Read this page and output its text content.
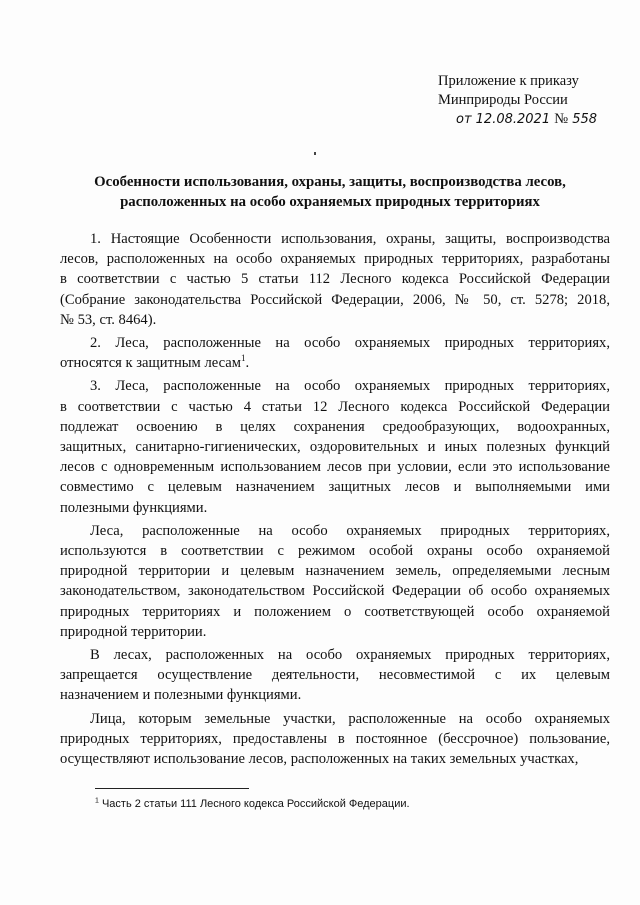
Приложение к приказу
Минприроды России
от 12.08.2021 № 558
Особенности использования, охраны, защиты, воспроизводства лесов,
расположенных на особо охраняемых природных территориях
1. Настоящие Особенности использования, охраны, защиты, воспроизводства
лесов, расположенных на особо охраняемых природных территориях, разработаны
в соответствии с частью 5 статьи 112 Лесного кодекса Российской Федерации
(Собрание законодательства Российской Федерации, 2006, № 50, ст. 5278; 2018,
№ 53, ст. 8464).
2. Леса, расположенные на особо охраняемых природных территориях,
относятся к защитным лесам$^1$.
3. Леса, расположенные на особо охраняемых природных территориях,
в соответствии с частью 4 статьи 12 Лесного кодекса Российской Федерации
подлежат освоению в целях сохранения средообразующих, водоохранных,
защитных, санитарно-гигиенических, оздоровительных и иных полезных функций
лесов с одновременным использованием лесов при условии, если это использование
совместимо с целевым назначением защитных лесов и выполняемыми ими
полезными функциями.
Леса, расположенные на особо охраняемых природных территориях,
используются в соответствии с режимом особой охраны особо охраняемой
природной территории и целевым назначением земель, определяемыми лесным
законодательством, законодательством Российской Федерации об особо охраняемых
природных территориях и положением о соответствующей особо охраняемой
природной территории.
В лесах, расположенных на особо охраняемых природных территориях,
запрещается осуществление деятельности, несовместимой с их целевым
назначением и полезными функциями.
Лица, которым земельные участки, расположенные на особо охраняемых
природных территориях, предоставлены в постоянное (бессрочное) пользование,
осуществляют использование лесов, расположенных на таких земельных участках,
$^1$ Часть 2 статьи 111 Лесного кодекса Российской Федерации.
